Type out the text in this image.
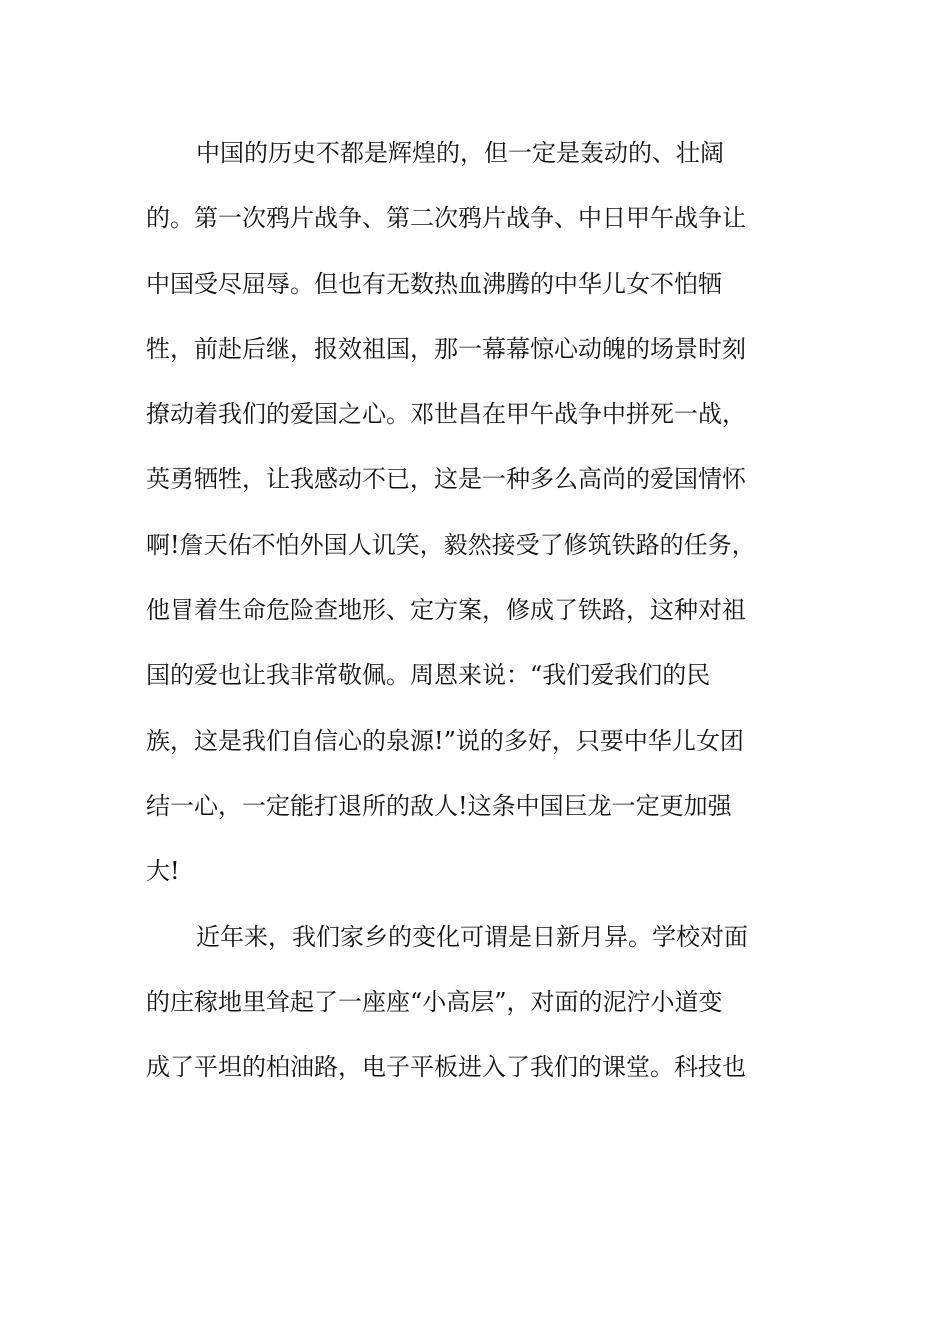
中国的历史不都是辉煌的，但一定是轰动的、壮阔
的。第一次鸦片战争、第二次鸦片战争、中日甲午战争让
中国受尽屈辱。但也有无数热血沸腾的中华儿女不怕牺
牲，前赴后继，报效祖国，那一幕幕惊心动魄的场景时刻
撩动着我们的爱国之心。邓世昌在甲午战争中拼死一战，
英勇牺牲，让我感动不已，这是一种多么高尚的爱国情怀
啊!詹天佑不怕外国人讥笑，毅然接受了修筑铁路的任务，
他冒着生命危险查地形、定方案，修成了铁路，这种对祖
国的爱也让我非常敬佩。周恩来说：“我们爱我们的民
族，这是我们自信心的泉源!”说的多好，只要中华儿女团
结一心，一定能打退所的敌人!这条中国巨龙一定更加强
大!
近年来，我们家乡的变化可谓是日新月异。学校对面
的庄稼地里耸起了一座座“小高层”，对面的泥泞小道变
成了平坦的柏油路，电子平板进入了我们的课堂。科技也
